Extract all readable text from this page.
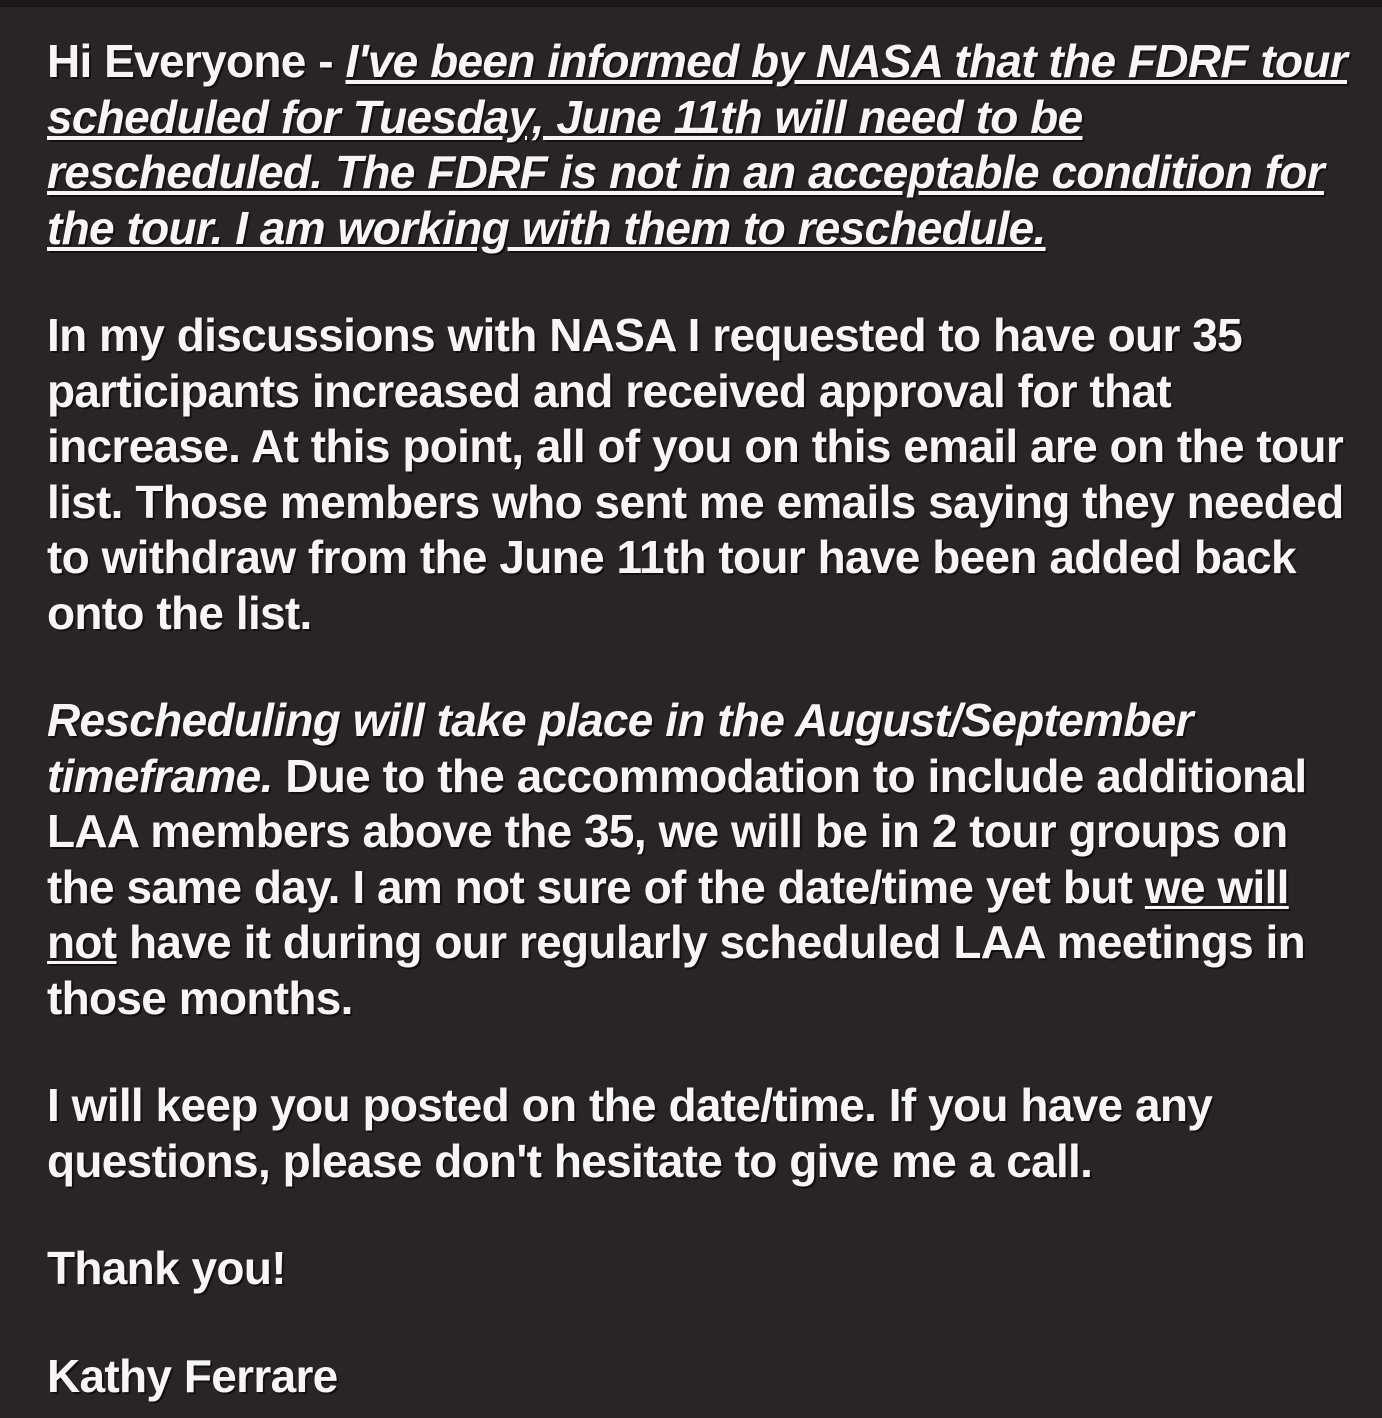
Hi Everyone - I've been informed by NASA that the FDRF tour scheduled for Tuesday, June 11th will need to be rescheduled. The FDRF is not in an acceptable condition for the tour. I am working with them to reschedule.

In my discussions with NASA I requested to have our 35 participants increased and received approval for that increase. At this point, all of you on this email are on the tour list. Those members who sent me emails saying they needed to withdraw from the June 11th tour have been added back onto the list.

Rescheduling will take place in the August/September timeframe. Due to the accommodation to include additional LAA members above the 35, we will be in 2 tour groups on the same day. I am not sure of the date/time yet but we will not have it during our regularly scheduled LAA meetings in those months.

I will keep you posted on the date/time. If you have any questions, please don't hesitate to give me a call.

Thank you!

Kathy Ferrare
